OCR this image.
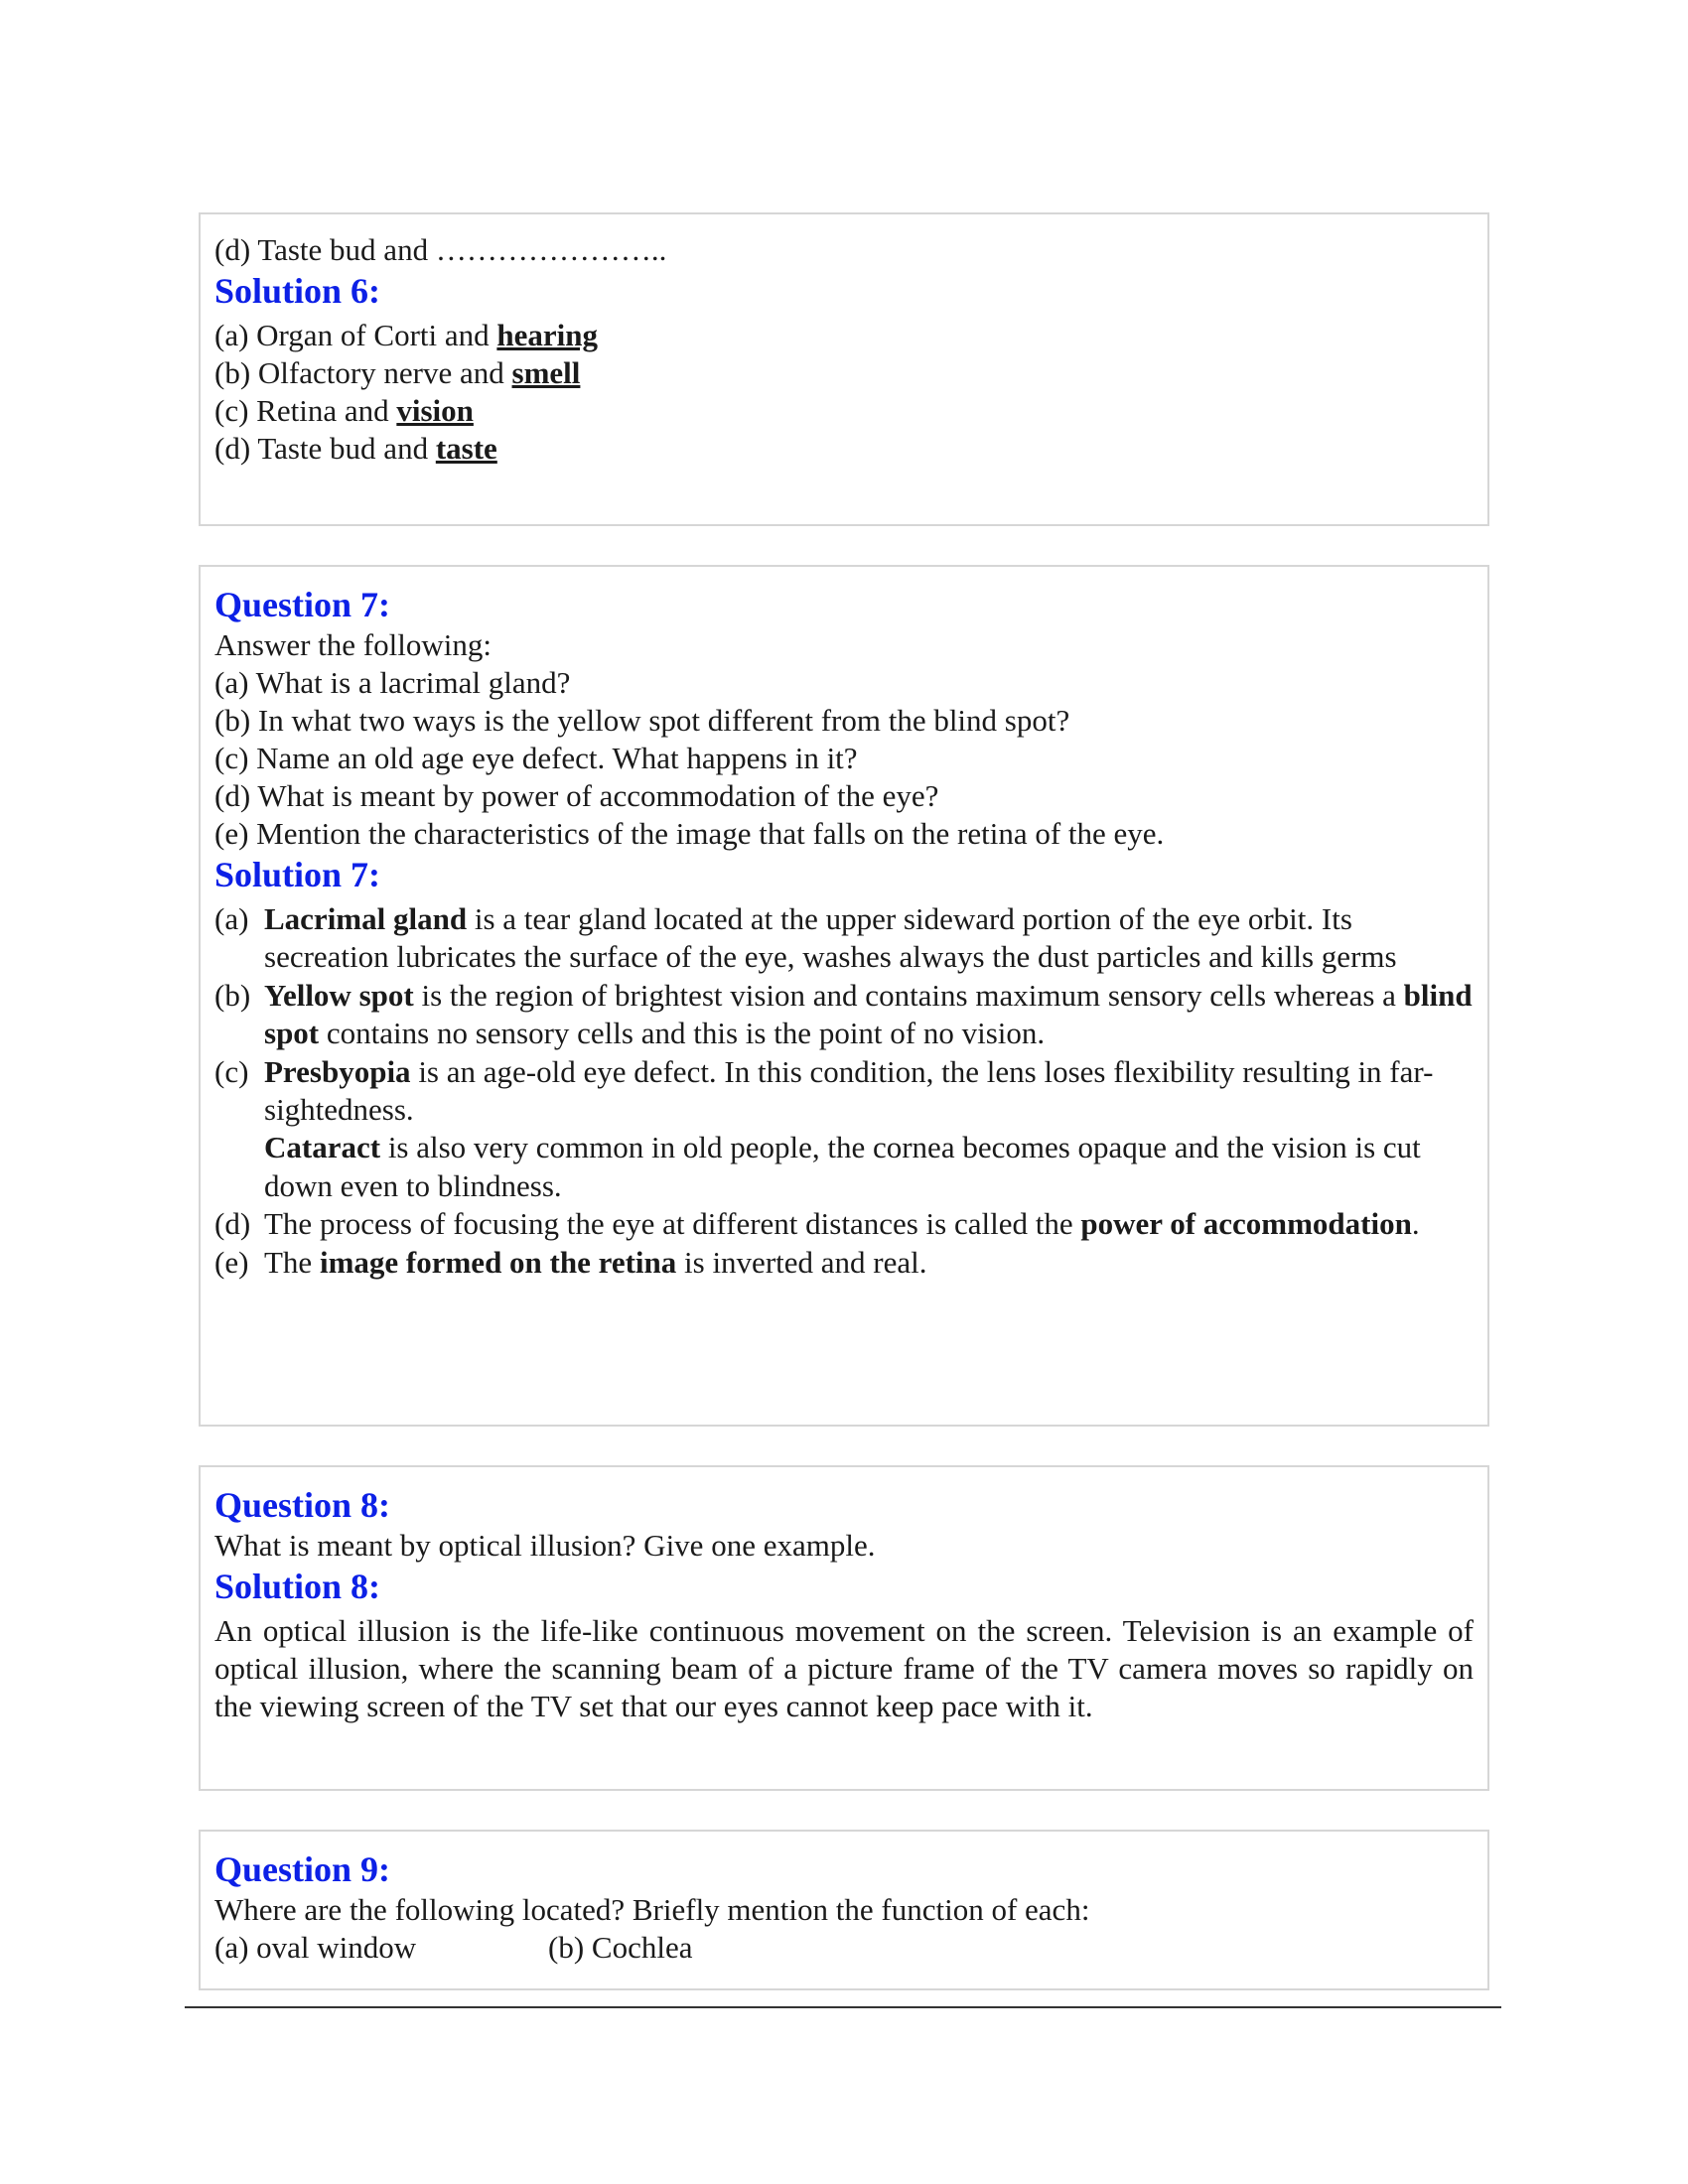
(d) Taste bud and …………………..
Solution 6:
(a) Organ of Corti and hearing
(b) Olfactory nerve and smell
(c) Retina and vision
(d) Taste bud and taste
Question 7:
Answer the following:
(a) What is a lacrimal gland?
(b) In what two ways is the yellow spot different from the blind spot?
(c) Name an old age eye defect. What happens in it?
(d) What is meant by power of accommodation of the eye?
(e) Mention the characteristics of the image that falls on the retina of the eye.
Solution 7:
(a) Lacrimal gland is a tear gland located at the upper sideward portion of the eye orbit. Its secreation lubricates the surface of the eye, washes always the dust particles and kills germs
(b) Yellow spot is the region of brightest vision and contains maximum sensory cells whereas a blind spot contains no sensory cells and this is the point of no vision.
(c) Presbyopia is an age-old eye defect. In this condition, the lens loses flexibility resulting in far-sightedness.
Cataract is also very common in old people, the cornea becomes opaque and the vision is cut down even to blindness.
(d) The process of focusing the eye at different distances is called the power of accommodation.
(e) The image formed on the retina is inverted and real.
Question 8:
What is meant by optical illusion? Give one example.
Solution 8:
An optical illusion is the life-like continuous movement on the screen. Television is an example of optical illusion, where the scanning beam of a picture frame of the TV camera moves so rapidly on the viewing screen of the TV set that our eyes cannot keep pace with it.
Question 9:
Where are the following located? Briefly mention the function of each:
(a) oval window	(b) Cochlea
